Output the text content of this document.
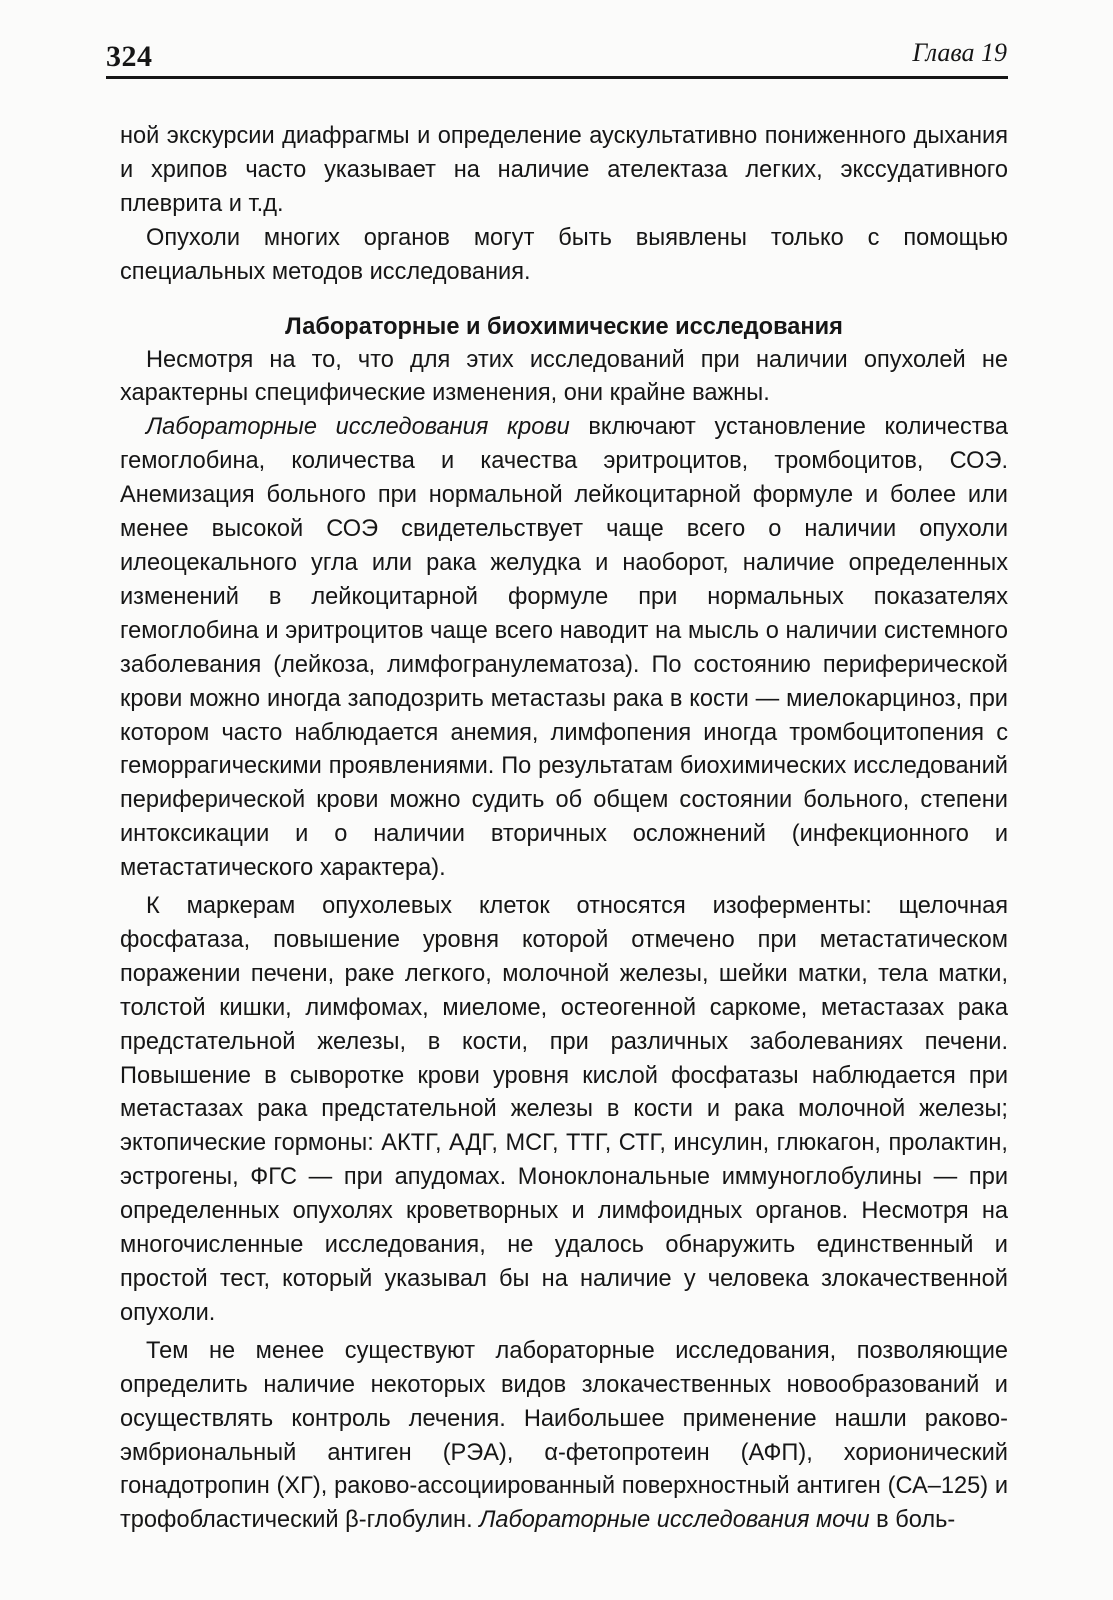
324	Глава 19

ной экскурсии диафрагмы и определение аускультативно пониженного дыхания и хрипов часто указывает на наличие ателектаза легких, экссудативного плеврита и т.д.

Опухоли многих органов могут быть выявлены только с помощью специальных методов исследования.

Лабораторные и биохимические исследования

Несмотря на то, что для этих исследований при наличии опухолей не характерны специфические изменения, они крайне важны.

Лабораторные исследования крови включают установление количества гемоглобина, количества и качества эритроцитов, тромбоцитов, СОЭ. Анемизация больного при нормальной лейкоцитарной формуле и более или менее высокой СОЭ свидетельствует чаще всего о наличии опухоли илеоцекального угла или рака желудка и наоборот, наличие определенных изменений в лейкоцитарной формуле при нормальных показателях гемоглобина и эритроцитов чаще всего наводит на мысль о наличии системного заболевания (лейкоза, лимфогранулематоза). По состоянию периферической крови можно иногда заподозрить метастазы рака в кости — миелокарциноз, при котором часто наблюдается анемия, лимфопения иногда тромбоцитопения с геморрагическими проявлениями. По результатам биохимических исследований периферической крови можно судить об общем состоянии больного, степени интоксикации и о наличии вторичных осложнений (инфекционного и метастатического характера).

К маркерам опухолевых клеток относятся изоферменты: щелочная фосфатаза, повышение уровня которой отмечено при метастатическом поражении печени, раке легкого, молочной железы, шейки матки, тела матки, толстой кишки, лимфомах, миеломе, остеогенной саркоме, метастазах рака предстательной железы, в кости, при различных заболеваниях печени. Повышение в сыворотке крови уровня кислой фосфатазы наблюдается при метастазах рака предстательной железы в кости и рака молочной железы; эктопические гормоны: АКТГ, АДГ, МСГ, ТТГ, СТГ, инсулин, глюкагон, пролактин, эстрогены, ФГС — при апудомах. Моноклональные иммуноглобулины — при определенных опухолях кроветворных и лимфоидных органов. Несмотря на многочисленные исследования, не удалось обнаружить единственный и простой тест, который указывал бы на наличие у человека злокачественной опухоли.

Тем не менее существуют лабораторные исследования, позволяющие определить наличие некоторых видов злокачественных новообразований и осуществлять контроль лечения. Наибольшее применение нашли раково-эмбриональный антиген (РЭА), α-фетопротеин (АФП), хорионический гонадотропин (ХГ), раково-ассоциированный поверхностный антиген (СА–125) и трофобластический β-глобулин. Лабораторные исследования мочи в боль-
